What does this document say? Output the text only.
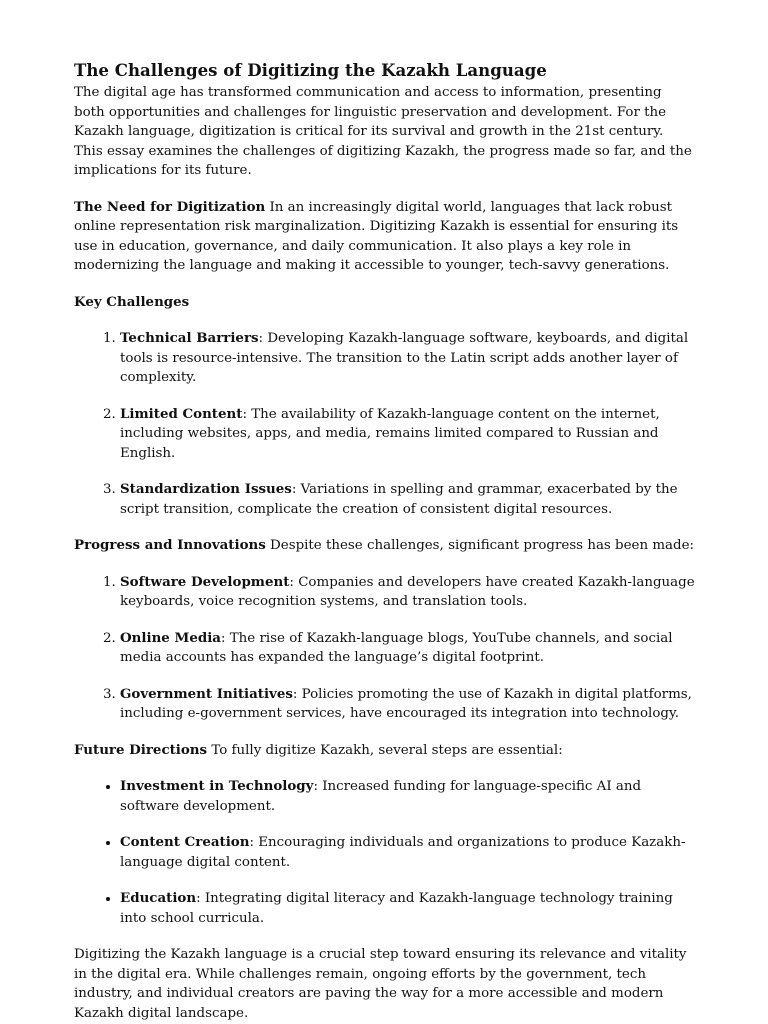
The Challenges of Digitizing the Kazakh Language

The digital age has transformed communication and access to information, presenting both opportunities and challenges for linguistic preservation and development. For the Kazakh language, digitization is critical for its survival and growth in the 21st century. This essay examines the challenges of digitizing Kazakh, the progress made so far, and the implications for its future.

The Need for Digitization In an increasingly digital world, languages that lack robust online representation risk marginalization. Digitizing Kazakh is essential for ensuring its use in education, governance, and daily communication. It also plays a key role in modernizing the language and making it accessible to younger, tech-savvy generations.

Key Challenges

1. Technical Barriers: Developing Kazakh-language software, keyboards, and digital tools is resource-intensive. The transition to the Latin script adds another layer of complexity.
2. Limited Content: The availability of Kazakh-language content on the internet, including websites, apps, and media, remains limited compared to Russian and English.
3. Standardization Issues: Variations in spelling and grammar, exacerbated by the script transition, complicate the creation of consistent digital resources.

Progress and Innovations Despite these challenges, significant progress has been made:

1. Software Development: Companies and developers have created Kazakh-language keyboards, voice recognition systems, and translation tools.
2. Online Media: The rise of Kazakh-language blogs, YouTube channels, and social media accounts has expanded the language’s digital footprint.
3. Government Initiatives: Policies promoting the use of Kazakh in digital platforms, including e-government services, have encouraged its integration into technology.

Future Directions To fully digitize Kazakh, several steps are essential:

• Investment in Technology: Increased funding for language-specific AI and software development.
• Content Creation: Encouraging individuals and organizations to produce Kazakh-language digital content.
• Education: Integrating digital literacy and Kazakh-language technology training into school curricula.

Digitizing the Kazakh language is a crucial step toward ensuring its relevance and vitality in the digital era. While challenges remain, ongoing efforts by the government, tech industry, and individual creators are paving the way for a more accessible and modern Kazakh digital landscape.
